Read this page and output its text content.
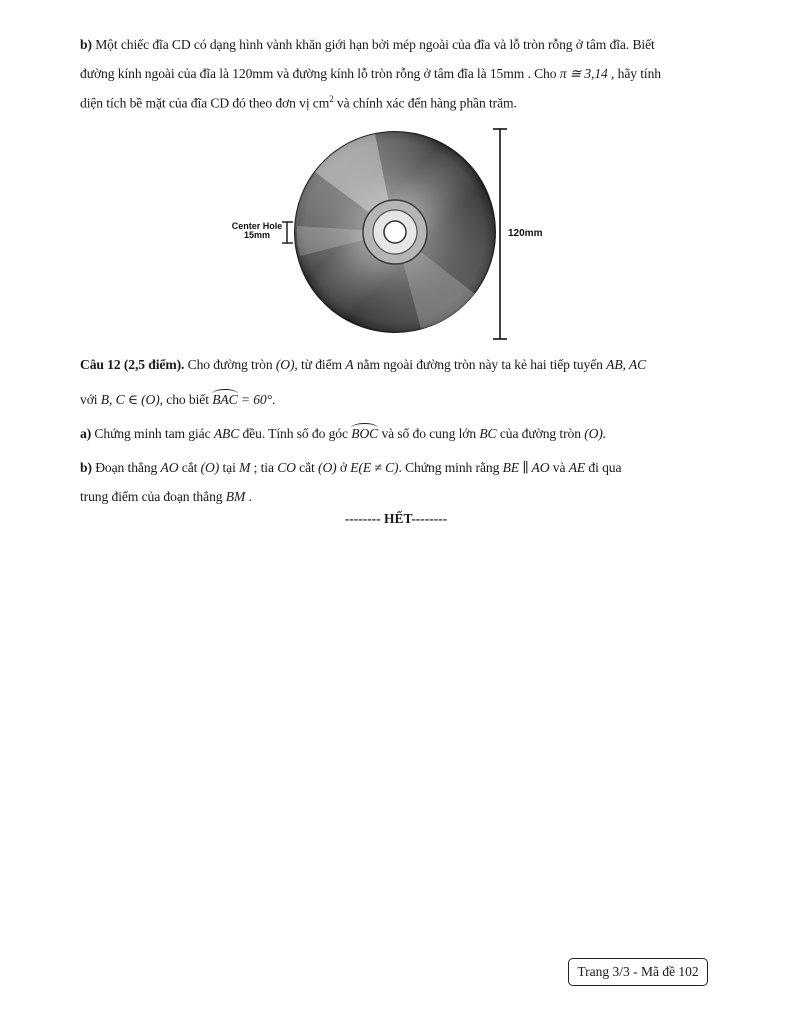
b) Một chiếc đĩa CD có dạng hình vành khăn giới hạn bởi mép ngoài của đĩa và lỗ tròn rỗng ở tâm đĩa. Biết
đường kính ngoài của đĩa là 120mm và đường kính lỗ tròn rỗng ở tâm đĩa là 15mm . Cho π ≅ 3,14 , hãy tính
diện tích bề mặt của đĩa CD đó theo đơn vị $cm^2$ và chính xác đến hàng phần trăm.
Center Hole
15mm	120mm
Câu 12 (2,5 điểm). Cho đường tròn (O), từ điểm A nằm ngoài đường tròn này ta kẻ hai tiếp tuyến AB, AC
với B, C ∈ (O), cho biết BAC = 60°.
a) Chứng minh tam giác ABC đều. Tính số đo góc BOC và số đo cung lớn BC của đường tròn (O).
b) Đoạn thẳng AO cắt (O) tại M ; tia CO cắt (O) ở E(E ≠ C). Chứng minh rằng BE ∥ AO và AE đi qua
trung điểm của đoạn thẳng BM .
-------- HẾT--------
Trang 3/3 - Mã đề 102
